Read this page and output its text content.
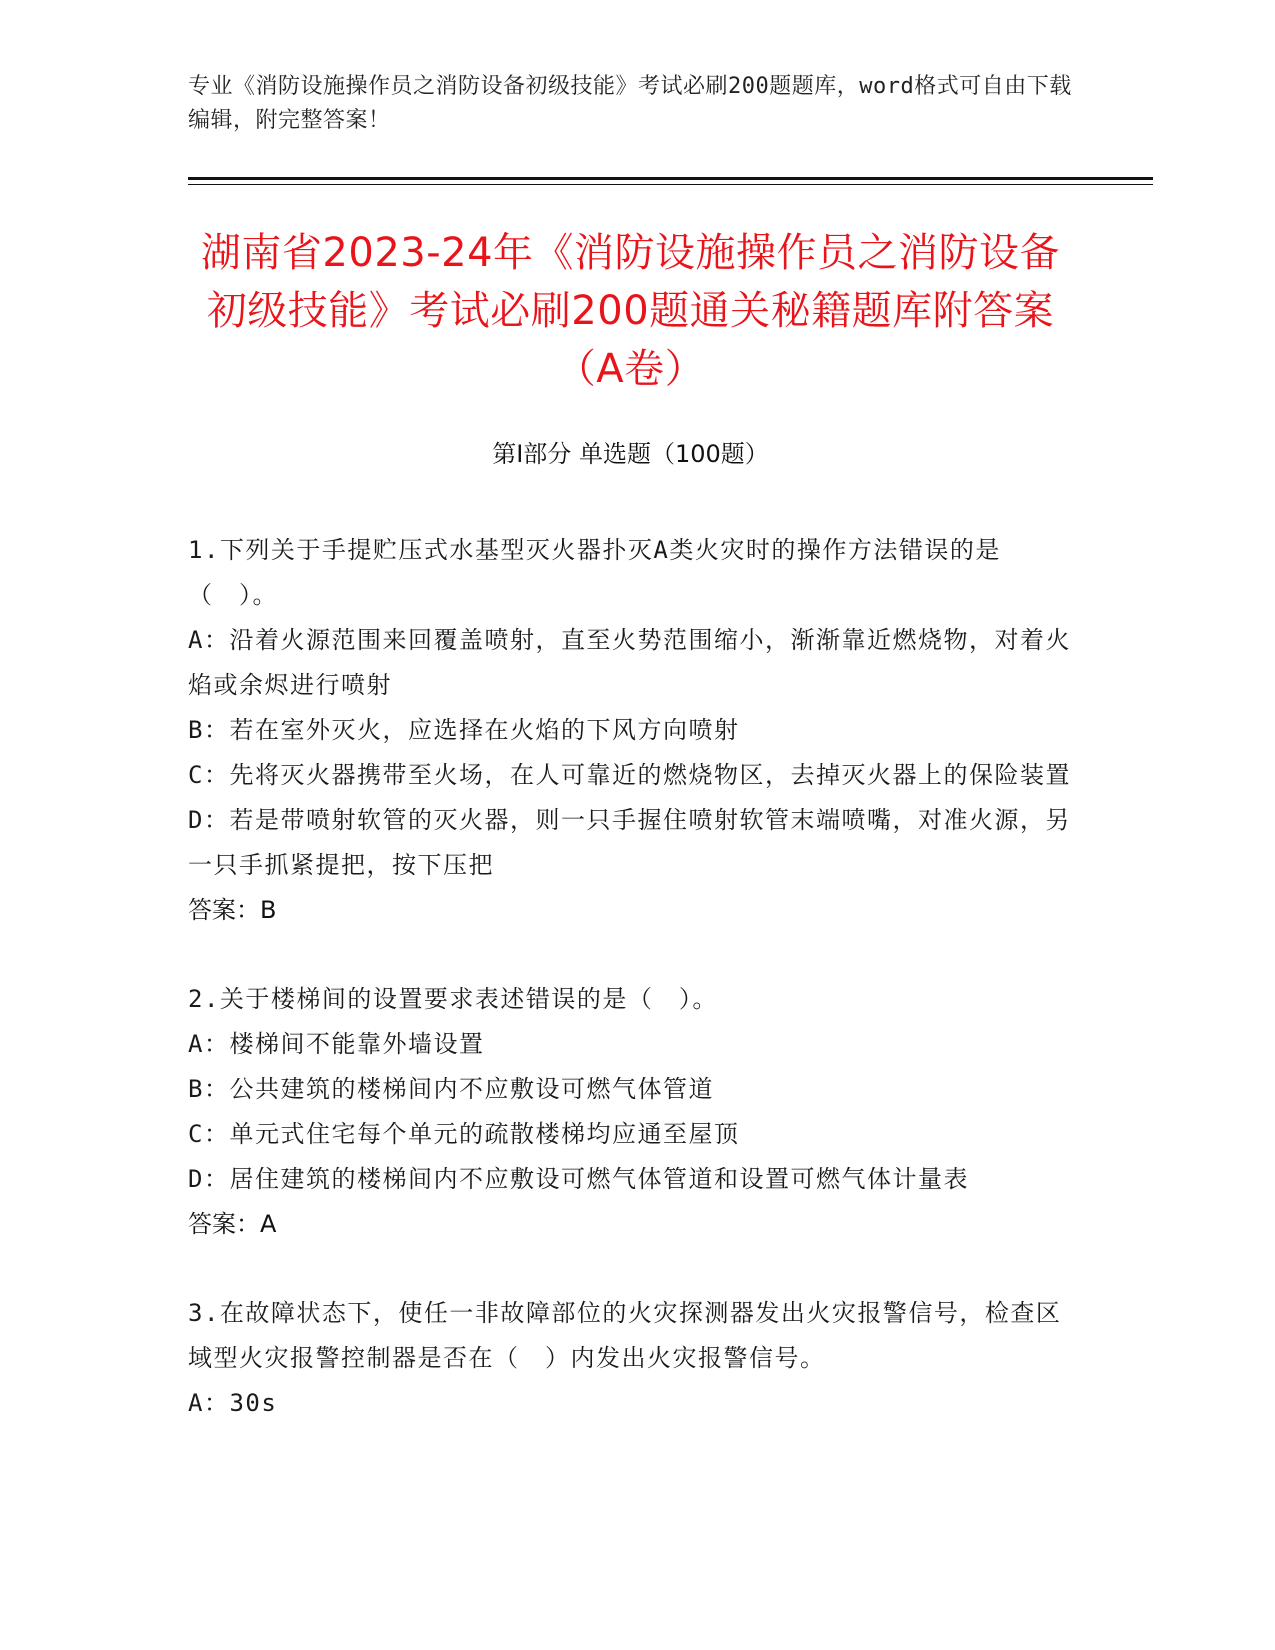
专业《消防设施操作员之消防设备初级技能》考试必刷200题题库，word格式可自由下载编辑，附完整答案！
湖南省2023-24年《消防设施操作员之消防设备初级技能》考试必刷200题通关秘籍题库附答案（A卷）
第I部分 单选题（100题）
1.下列关于手提贮压式水基型灭火器扑灭A类火灾时的操作方法错误的是（　）。
A：沿着火源范围来回覆盖喷射，直至火势范围缩小，渐渐靠近燃烧物，对着火焰或余烬进行喷射
B：若在室外灭火，应选择在火焰的下风方向喷射
C：先将灭火器携带至火场，在人可靠近的燃烧物区，去掉灭火器上的保险装置
D：若是带喷射软管的灭火器，则一只手握住喷射软管末端喷嘴，对准火源，另一只手抓紧提把，按下压把
答案：B
2.关于楼梯间的设置要求表述错误的是（　）。
A：楼梯间不能靠外墙设置
B：公共建筑的楼梯间内不应敷设可燃气体管道
C：单元式住宅每个单元的疏散楼梯均应通至屋顶
D：居住建筑的楼梯间内不应敷设可燃气体管道和设置可燃气体计量表
答案：A
3.在故障状态下，使任一非故障部位的火灾探测器发出火灾报警信号，检查区域型火灾报警控制器是否在（　）内发出火灾报警信号。
A：30s
